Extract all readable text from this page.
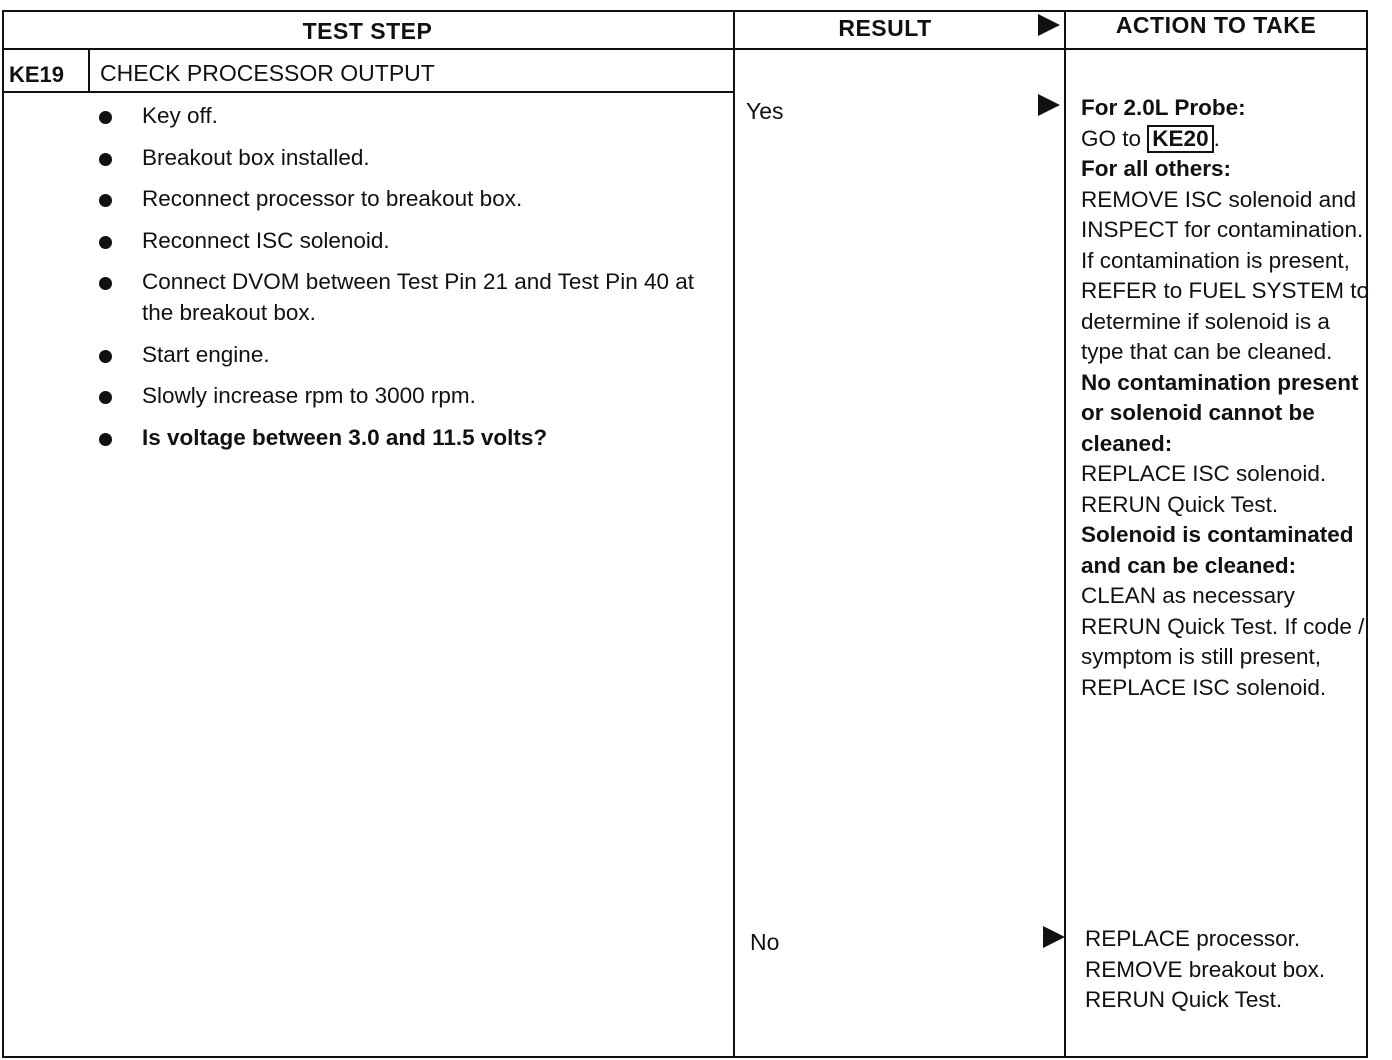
TEST STEP	RESULT	ACTION TO TAKE
KE19 CHECK PROCESSOR OUTPUT
Key off.
Breakout box installed.
Reconnect processor to breakout box.
Reconnect ISC solenoid.
Connect DVOM between Test Pin 21 and Test Pin 40 at the breakout box.
Start engine.
Slowly increase rpm to 3000 rpm.
Is voltage between 3.0 and 11.5 volts?
Yes	For 2.0L Probe:

GO to KE20 .

For all others:

REMOVE ISC solenoid and INSPECT for contamination. If contamination is present, REFER to FUEL SYSTEM to determine if solenoid is a type that can be cleaned.

No contamination present or solenoid cannot be cleaned:

REPLACE ISC solenoid. RERUN Quick Test.

Solenoid is contaminated and can be cleaned:

CLEAN as necessary RERUN Quick Test. If code / symptom is still present, REPLACE ISC solenoid.

No	REPLACE processor. REMOVE breakout box. RERUN Quick Test.
